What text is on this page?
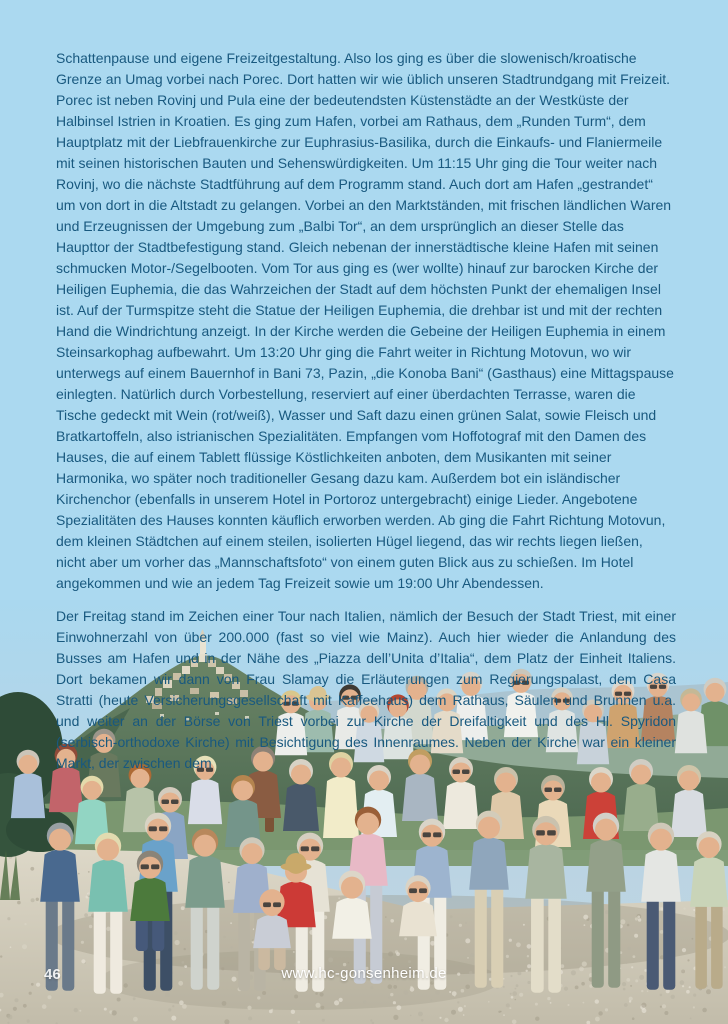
Schattenpause und eigene Freizeitgestaltung. Also los ging es über die slowenisch/kroatische Grenze an Umag vorbei nach Porec. Dort hatten wir wie üblich unseren Stadtrundgang mit Freizeit. Porec ist neben Rovinj und Pula eine der bedeutendsten Küstenstädte an der Westküste der Halbinsel Istrien in Kroatien. Es ging zum Hafen, vorbei am Rathaus, dem „Runden Turm“, dem Hauptplatz mit der Liebfrauenkirche zur Euphrasius-Basilika, durch die Einkaufs- und Flaniermeile mit seinen historischen Bauten und Sehenswürdigkeiten. Um 11:15 Uhr ging die Tour weiter nach Rovinj, wo die nächste Stadtführung auf dem Programm stand. Auch dort am Hafen „gestrandet“ um von dort in die Altstadt zu gelangen. Vorbei an den Marktständen, mit frischen ländlichen Waren und Erzeugnissen der Umgebung zum „Balbi Tor“, an dem ursprünglich an dieser Stelle das Haupttor der Stadtbefestigung stand. Gleich nebenan der innerstädtische kleine Hafen mit seinen schmucken Motor-/Segelbooten. Vom Tor aus ging es (wer wollte) hinauf zur barocken Kirche der Heiligen Euphemia, die das Wahrzeichen der Stadt auf dem höchsten Punkt der ehemaligen Insel ist. Auf der Turmspitze steht die Statue der Heiligen Euphemia, die drehbar ist und mit der rechten Hand die Windrichtung anzeigt. In der Kirche werden die Gebeine der Heiligen Euphemia in einem Steinsarkophag aufbewahrt. Um 13:20 Uhr ging die Fahrt weiter in Richtung Motovun, wo wir unterwegs auf einem Bauernhof in Bani 73, Pazin, „die Konoba Bani“ (Gasthaus) eine Mittagspause einlegten. Natürlich durch Vorbestellung, reserviert auf einer überdachten Terrasse, waren die Tische gedeckt mit Wein (rot/weiß), Wasser und Saft dazu einen grünen Salat, sowie Fleisch und Bratkartoffeln, also istrianischen Spezialitäten. Empfangen vom Hoffotograf mit den Damen des Hauses, die auf einem Tablett flüssige Köstlichkeiten anboten, dem Musikanten mit seiner Harmonika, wo später noch traditioneller Gesang dazu kam. Außerdem bot ein isländischer Kirchenchor (ebenfalls in unserem Hotel in Portoroz untergebracht) einige Lieder. Angebotene Spezialitäten des Hauses konnten käuflich erworben werden. Ab ging die Fahrt Richtung Motovun, dem kleinen Städtchen auf einem steilen, isolierten Hügel liegend, das wir rechts liegen ließen, nicht aber um vorher das „Mannschaftsfoto“ von einem guten Blick aus zu schießen. Im Hotel angekommen und wie an jedem Tag Freizeit sowie um 19:00 Uhr Abendessen.

Der Freitag stand im Zeichen einer Tour nach Italien, nämlich der Besuch der Stadt Triest, mit einer Einwohnerzahl von über 200.000 (fast so viel wie Mainz). Auch hier wieder die Anlandung des Busses am Hafen und in der Nähe des „Piazza dell’Unita d’Italia“, dem Platz der Einheit Italiens. Dort bekamen wir dann von Frau Slamay die Erläuterungen zum Regierungspalast, dem Casa Stratti (heute Versicherungsgesellschaft mit Kaffeehaus) dem Rathaus, Säulen und Brunnen u.a. und weiter an der Börse von Triest vorbei zur Kirche der Dreifaltigkeit und des Hl. Spyridon (serbisch-orthodoxe Kirche) mit Besichtigung des Innenraumes. Neben der Kirche war ein kleiner Markt, der zwischen dem

46	www.hc-gonsenheim.de
